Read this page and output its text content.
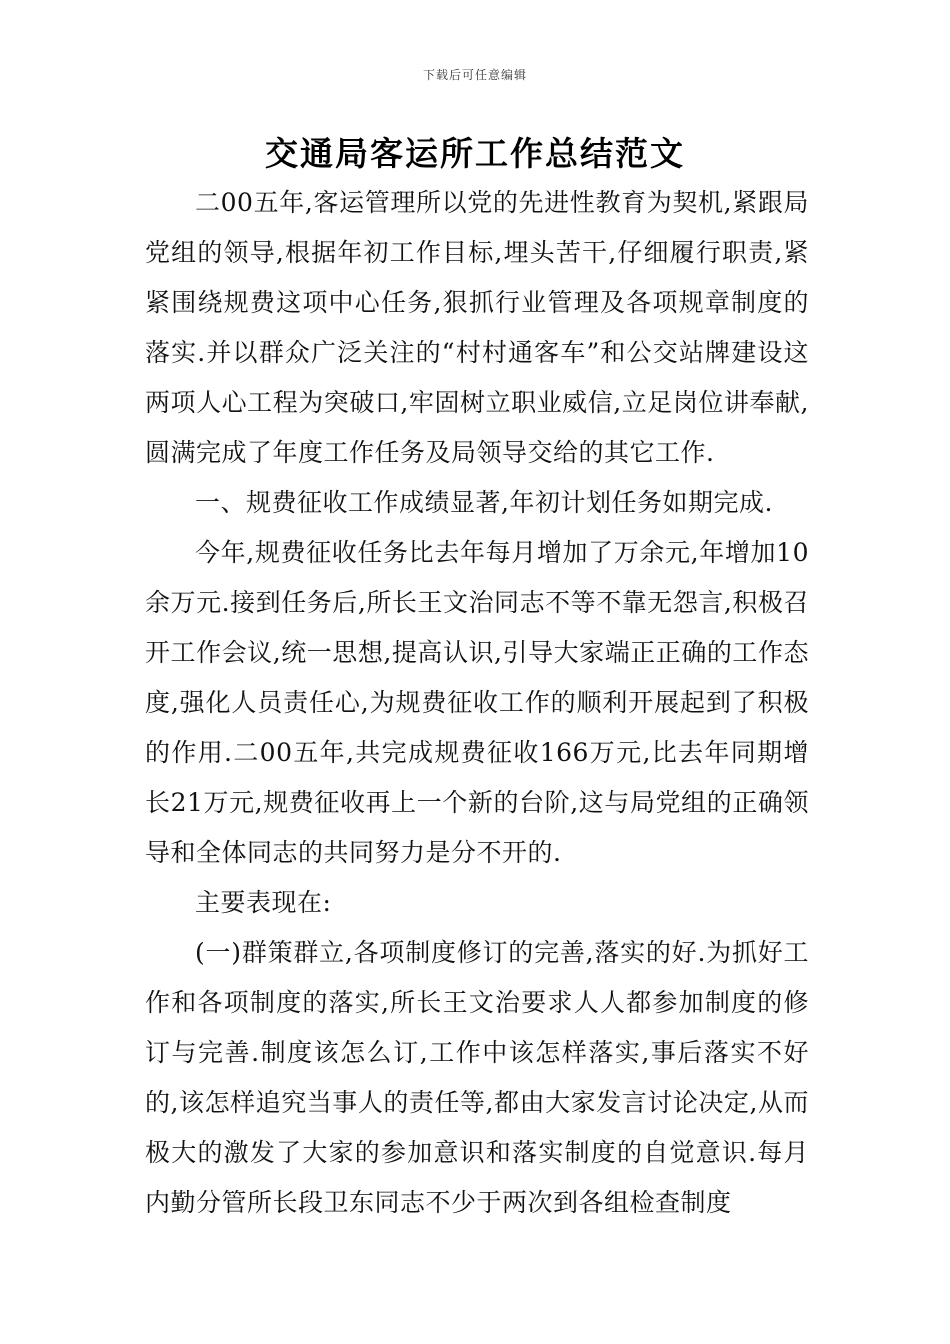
下载后可任意编辑
交通局客运所工作总结范文

二00五年,客运管理所以党的先进性教育为契机,紧跟局党组的领导,根据年初工作目标,埋头苦干,仔细履行职责,紧紧围绕规费这项中心任务,狠抓行业管理及各项规章制度的落实.并以群众广泛关注的“村村通客车”和公交站牌建设这两项人心工程为突破口,牢固树立职业威信,立足岗位讲奉献,圆满完成了年度工作任务及局领导交给的其它工作.

一、规费征收工作成绩显著,年初计划任务如期完成.

今年,规费征收任务比去年每月增加了万余元,年增加10余万元.接到任务后,所长王文治同志不等不靠无怨言,积极召开工作会议,统一思想,提高认识,引导大家端正正确的工作态度,强化人员责任心,为规费征收工作的顺利开展起到了积极的作用.二00五年,共完成规费征收166万元,比去年同期增长21万元,规费征收再上一个新的台阶,这与局党组的正确领导和全体同志的共同努力是分不开的.

主要表现在:

(一)群策群立,各项制度修订的完善,落实的好.为抓好工作和各项制度的落实,所长王文治要求人人都参加制度的修订与完善.制度该怎么订,工作中该怎样落实,事后落实不好的,该怎样追究当事人的责任等,都由大家发言讨论决定,从而极大的激发了大家的参加意识和落实制度的自觉意识.每月内勤分管所长段卫东同志不少于两次到各组检查制度
